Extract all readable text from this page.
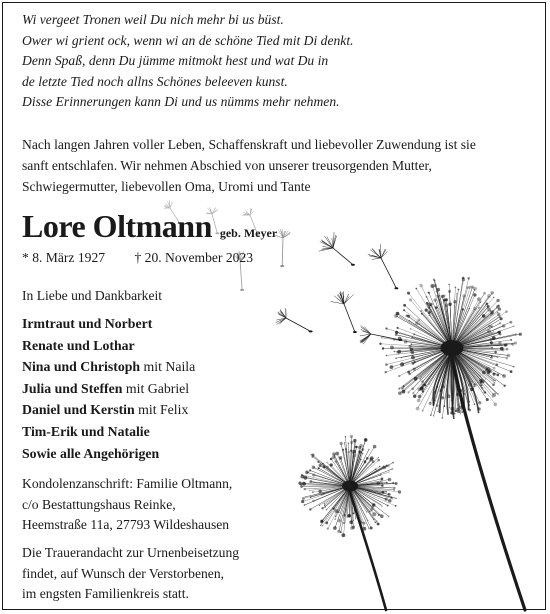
Wi vergeet Tronen weil Du nich mehr bi us büst.
Ower wi grient ock, wenn wi an de schöne Tied mit Di denkt.
Denn Spaß, denn Du jümme mitmokt hest und wat Du in
de letzte Tied noch allns Schönes beleeven kunst.
Disse Erinnerungen kann Di und us nümms mehr nehmen.
Nach langen Jahren voller Leben, Schaffenskraft und liebevoller Zuwendung ist sie
sanft entschlafen. Wir nehmen Abschied von unserer treusorgenden Mutter,
Schwiegermutter, liebevollen Oma, Uromi und Tante
Lore Oltmann geb. Meyer
* 8. März 1927 † 20. November 2023
In Liebe und Dankbarkeit
Irmtraut und Norbert
Renate und Lothar
Nina und Christoph mit Naila
Julia und Steffen mit Gabriel
Daniel und Kerstin mit Felix
Tim-Erik und Natalie
Sowie alle Angehörigen
Kondolenzanschrift: Familie Oltmann,
c/o Bestattungshaus Reinke,
Heemstraße 11a, 27793 Wildeshausen
Die Trauerandacht zur Urnenbeisetzung
findet, auf Wunsch der Verstorbenen,
im engsten Familienkreis statt.
